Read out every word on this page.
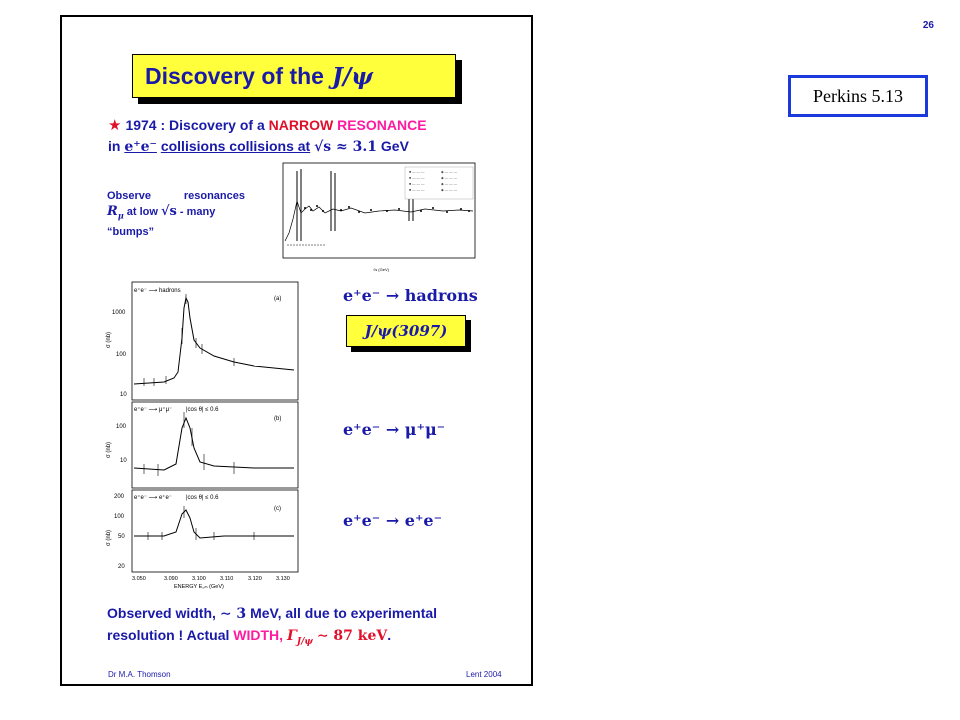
26
Discovery of the J/ψ
★ 1974 : Discovery of a NARROW RESONANCE
in e⁺e⁻ collisions collisions at √s ≈ 3.1 GeV
Observe	resonances
$R_\mu$ at low √s - many
“bumps”
■ — — —	◆ — — —
■ — — —	◆ — — —
■ — — —	◆ — — —
■ — — —	◆ — — —
√s (GeV)
e⁺e⁻ ⟶ hadrons
(a)
1000
100
10
σ (nb)
e⁺e⁻ ⟶ μ⁺μ⁻ |cos θ| ≤ 0.6
(b)
100
10
σ (nb)
e⁺e⁻ ⟶ e⁺e⁻ |cos θ| ≤ 0.6
(c)
200
100
50
20
σ (nb)
3.050	3.090	3.100	3.110	3.120	3.130
ENERGY E꜀ₘ (GeV)
e⁺e⁻ → hadrons
J/ψ(3097)
e⁺e⁻ → μ⁺μ⁻
e⁺e⁻ → e⁺e⁻
Observed width, ∼ 3 MeV, all due to experimental
resolution ! Actual WIDTH, $\Gamma_{J/\psi}$ ∼ 87 keV.
Dr M.A. Thomson	Lent 2004
Perkins 5.13
